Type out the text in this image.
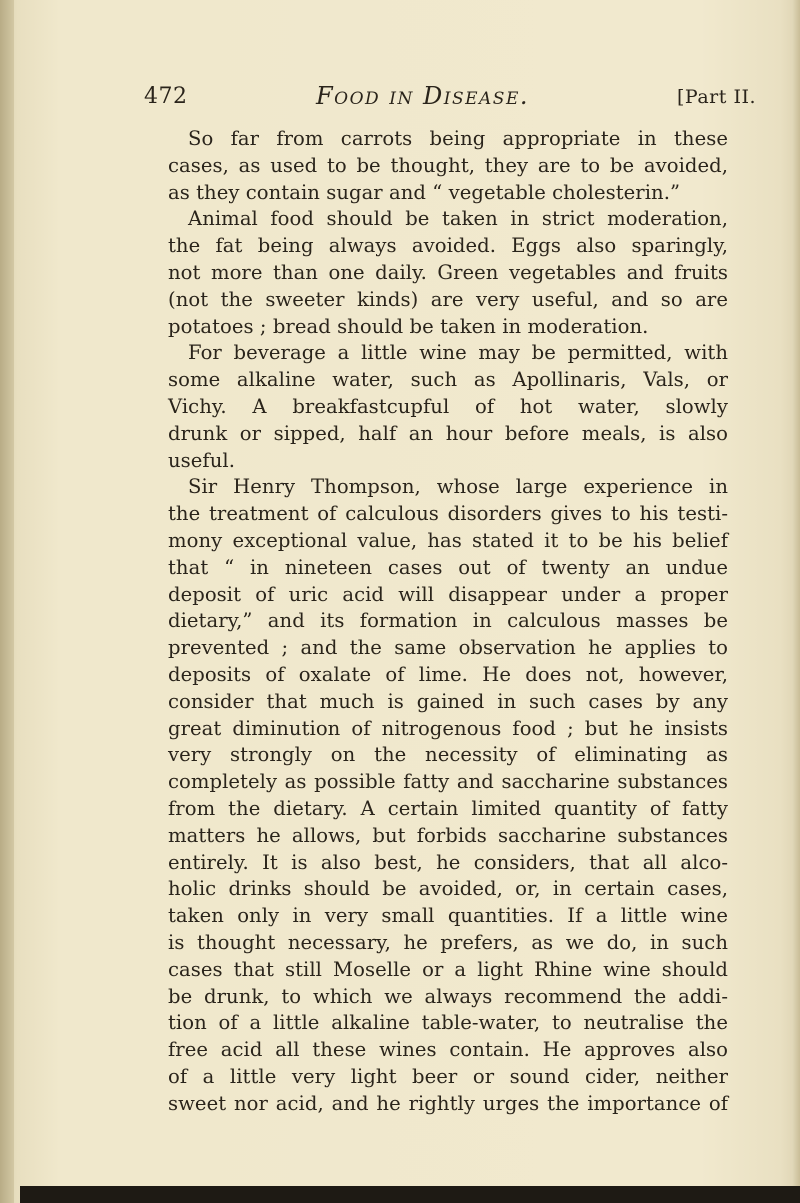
472	Food in Disease.	[Part II.
So far from carrots being appropriate in these
cases, as used to be thought, they are to be avoided,
as they contain sugar and “ vegetable cholesterin.”
Animal food should be taken in strict moderation,
the fat being always avoided. Eggs also sparingly,
not more than one daily. Green vegetables and fruits
(not the sweeter kinds) are very useful, and so are
potatoes ; bread should be taken in moderation.
For beverage a little wine may be permitted, with
some alkaline water, such as Apollinaris, Vals, or
Vichy. A breakfastcupful of hot water, slowly
drunk or sipped, half an hour before meals, is also
useful.
Sir Henry Thompson, whose large experience in
the treatment of calculous disorders gives to his testi-
mony exceptional value, has stated it to be his belief
that “ in nineteen cases out of twenty an undue
deposit of uric acid will disappear under a proper
dietary,” and its formation in calculous masses be
prevented ; and the same observation he applies to
deposits of oxalate of lime. He does not, however,
consider that much is gained in such cases by any
great diminution of nitrogenous food ; but he insists
very strongly on the necessity of eliminating as
completely as possible fatty and saccharine substances
from the dietary. A certain limited quantity of fatty
matters he allows, but forbids saccharine substances
entirely. It is also best, he considers, that all alco-
holic drinks should be avoided, or, in certain cases,
taken only in very small quantities. If a little wine
is thought necessary, he prefers, as we do, in such
cases that still Moselle or a light Rhine wine should
be drunk, to which we always recommend the addi-
tion of a little alkaline table-water, to neutralise the
free acid all these wines contain. He approves also
of a little very light beer or sound cider, neither
sweet nor acid, and he rightly urges the importance of
